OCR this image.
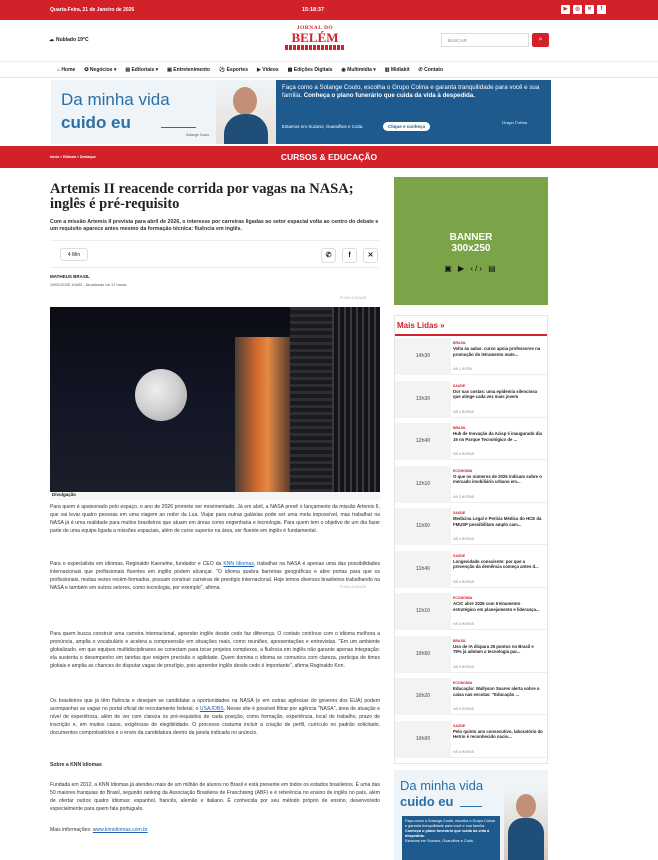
Quarta-Feira, 21 de Janeiro de 2026	15:18:37	▶	◎	✕	f
☁ Nublado 19°C
JORNAL DO
BELÉM	BUSCAR	⌕
⌂ Home ✪ Negócios ▾ ▤ Editoriais ▾ ▣ Entretenimento ⚽ Esportes ▶ Vídeos ▦ Edições Digitais ◉ Multimídia ▾ ▥ Midiakit ✆ Contato
Da minha vida
cuido eu
Solange Couto
Faça como a Solange Couto, escolha o Grupo Colina e garanta tranquilidade para você e sua família. Conheça o plano funerário que cuida da vida à despedida.
Estamos em Suzano, Guarulhos e Cotia.	Clique e conheça
Grupo Colina
Início » Editoria » Destaque	CURSOS & EDUCAÇÃO
Artemis II reacende corrida por vagas na NASA; inglês é pré-requisito
Com a missão Artemis II prevista para abril de 2026, o interesse por carreiras ligadas ao setor espacial volta ao centro do debate e um requisito aparece antes mesmo da formação técnica: fluência em inglês.
4 Min	✆	f	✕
MATHEUS BRASIL
19/01/2026 10h53 - Atualizado há 17 horas
PUBLICIDADE
Divulgação

Para quem é apaixonado pelo espaço, o ano de 2026 promete ser movimentado. Já em abril, a NASA prevê o lançamento da missão Artemis II, que vai levar quatro pessoas em uma viagem ao redor da Lua. Viajar para outras galáxias pode ser uma meta impossível, mas trabalhar na NASA já é uma realidade para muitos brasileiros que atuam em áreas como engenharia e tecnologia. Para quem tem o objetivo de um dia fazer parte de uma equipe ligada a missões espaciais, além de curso superior na área, ser fluente em inglês é fundamental.

Para o especialista em idiomas, Reginaldo Kaenelne, fundador e CEO da KNN Idiomas, trabalhar na NASA é apenas uma das possibilidades internacionais que profissionais fluentes em inglês podem alcançar. "O idioma quebra barreiras geográficas e abre portas para que os profissionais, muitas vezes recém-formados, possam construir carreiras de prestígio internacional. Hoje temos diversos brasileiros trabalhando na NASA e também em outros setores, como tecnologia, por exemplo", afirma.	PUBLICIDADE

Para quem busca construir uma carreira internacional, aprender inglês desde cedo faz diferença. O contato contínuo com o idioma melhora a pronúncia, amplia o vocabulário e acelera a compreensão em situações reais, como reuniões, apresentações e entrevistas. "Em um ambiente globalizado, em que equipes multidisciplinares se conectam para tocar projetos complexos, a fluência em inglês não garante apenas integração: ela sustenta o desempenho em tarefas que exigem precisão e agilidade. Quem domina o idioma se comunica com clareza, participa de times globais e amplia as chances de disputar vagas de prestígio, pois aprender inglês desde cedo é importante", afirma Reginaldo Knn.

Os brasileiros que já têm fluência e desejam se candidatar a oportunidades na NASA (e em outras agências do governo dos EUA) podem acompanhar as vagas no portal oficial de recrutamento federal, o USAJOBS. Nesse site é possível filtrar por agência "NASA", área de atuação e nível de experiência, além de ver com clareza os pré-requisitos de cada posição, como formação, experiência, local de trabalho, prazo de inscrição e, em muitos casos, exigências de elegibilidade. O processo costuma incluir a criação de perfil, currículo no padrão solicitado, documentos comprobatórios e o envio da candidatura dentro da janela indicada no anúncio.

Sobre a KNN Idiomas

Fundada em 2012, a KNN Idiomas já atendeu mais de um milhão de alunos no Brasil e está presente em todos os estados brasileiros. É uma das 50 maiores franquias do Brasil, segundo ranking da Associação Brasileira de Franchising (ABF) e é referência no ensino de inglês no país, além de ofertar outros quatro idiomas: espanhol, francês, alemão e italiano. É conhecida por seu método próprio de ensino, desenvolvido especialmente para quem fala português.

Mais informações: www.knnidiomas.com.br

BANNER
300x250
▣ ▶ ‹/› ▤
Mais Lidas »
14h30
BRASIL
Volta às aulas: curso apoia professores na promoção do letramento mate...
HÁ 1 HORA
13h30
SAÚDE
Dor nas costas: uma epidemia silenciosa que atinge cada vez mais jovem
HÁ 2 HORAS
12h40
BRASIL
Hub de Inovação da Acisp é inaugurado dia 19 no Parque Tecnológico de ...
HÁ 3 HORAS
12h10
ECONOMIA
O que os números de 2025 indicam sobre o mercado imobiliário urbano em...
HÁ 3 HORAS
11h50
SAÚDE
Medicina Legal e Perícia Médica do HCE da FMUSP possibilitam amplo cam...
HÁ 4 HORAS
11h40
SAÚDE
Longevidade consciente: por que a prevenção da demência começa antes d...
HÁ 4 HORAS
11h10
ECONOMIA
ACIC abre 2026 com treinamento estratégico em planejamento e liderança...
HÁ 4 HORAS
10h50
BRASIL
Uso de IA dispara 25 pontos no Brasil e 79% já adotam a tecnologia par...
HÁ 5 HORAS
10h20
ECONOMIA
Educação: Wallyson Soares alerta sobre o caixa nas escolas: "Educação ...
HÁ 5 HORAS
10h00
SAÚDE
Pelo quinto ano consecutivo, laboratório do Hetrin é reconhecido nacio...
HÁ 5 HORAS
Da minha vida
cuido eu
Faça como a Solange Couto, escolha o Grupo Colina e garanta tranquilidade para você e sua família. Conheça o plano funerário que cuida da vida à despedida.
Estamos em Suzano, Guarulhos e Cotia.
